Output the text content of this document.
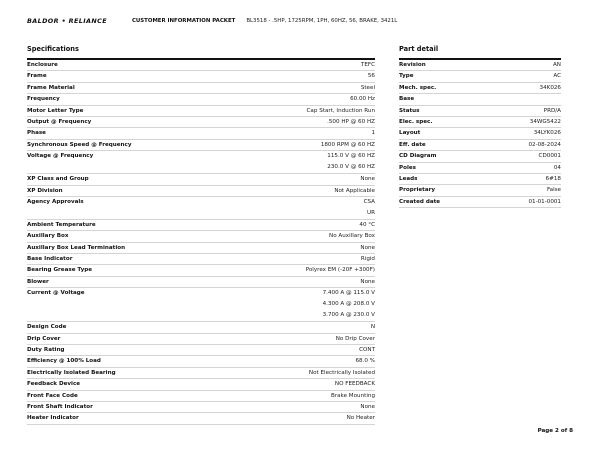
BALDOR • RELIANCE	CUSTOMER INFORMATION PACKET BL3518 - .5HP, 1725RPM, 1PH, 60HZ, 56, BRAKE, 3421L
Specifications
Enclosure	TEFC
Frame	56
Frame Material	Steel
Frequency	60.00 Hz
Motor Letter Type	Cap Start, Induction Run
Output @ Frequency	.500 HP @ 60 HZ
Phase	1
Synchronous Speed @ Frequency	1800 RPM @ 60 HZ
Voltage @ Frequency	115.0 V @ 60 HZ
230.0 V @ 60 HZ

XP Class and Group	None
XP Division	Not Applicable
Agency Approvals	CSA
UR

Ambient Temperature	40 °C
Auxillary Box	No Auxillary Box
Auxillary Box Lead Termination	None
Base Indicator	Rigid
Bearing Grease Type	Polyrex EM (-20F +300F)
Blower	None
Current @ Voltage	7.400 A @ 115.0 V
4.300 A @ 208.0 V
3.700 A @ 230.0 V

Design Code	N
Drip Cover	No Drip Cover
Duty Rating	CONT
Efficiency @ 100% Load	68.0 %
Electrically Isolated Bearing	Not Electrically Isolated
Feedback Device	NO FEEDBACK
Front Face Code	Brake Mounting
Front Shaft Indicator	None
Heater Indicator	No Heater
Part detail
Revision	AN
Type	AC
Mech. spec.	34K026
Base	
Status	PRD/A
Elec. spec.	34WG5422
Layout	34LYK026
Eff. date	02-08-2024
CD Diagram	CD0001
Poles	04
Leads	6#18
Proprietary	False
Created date	01-01-0001
Page 2 of 8
